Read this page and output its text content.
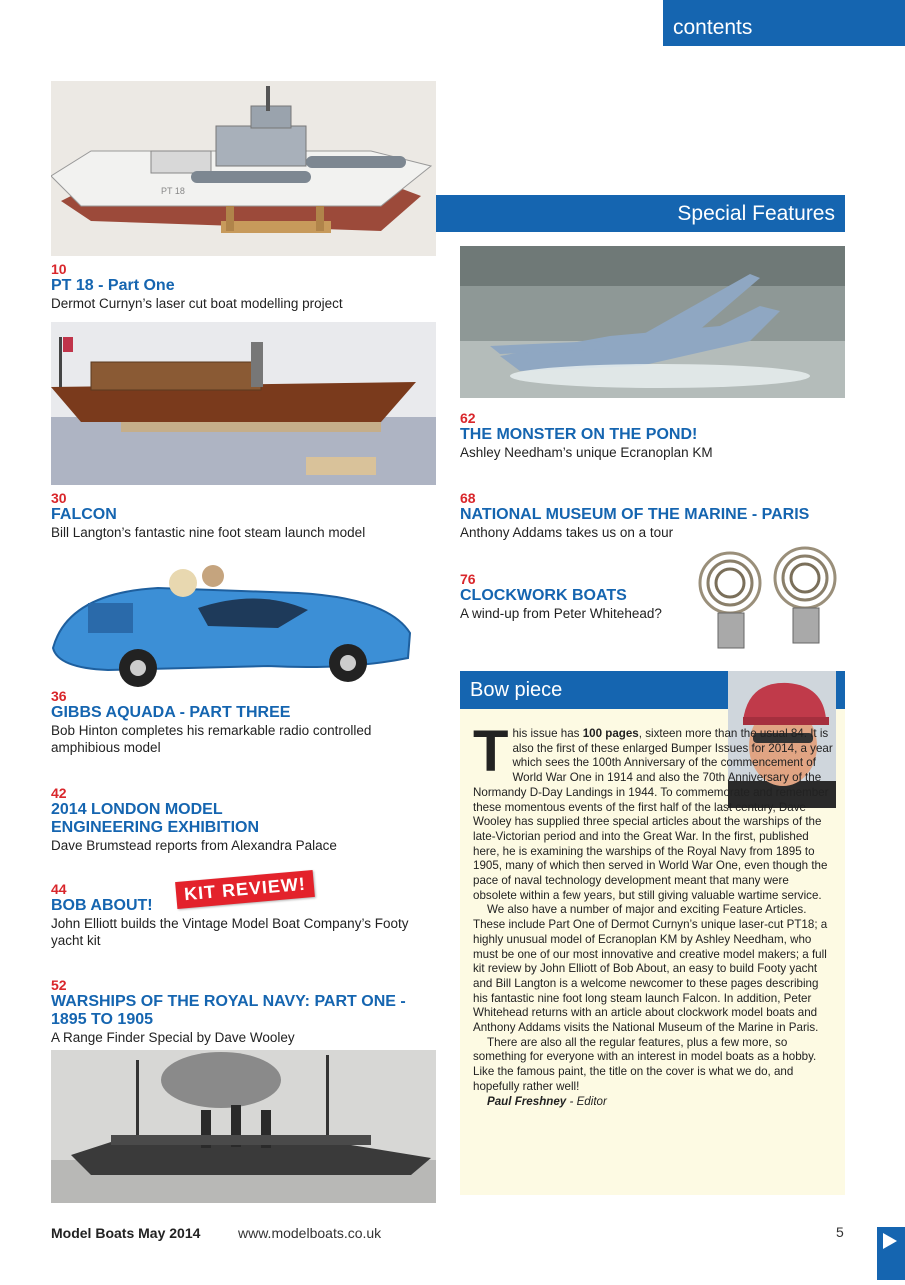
contents
PT 18
Special Features
10
PT 18 - Part One
Dermot Curnyn’s laser cut boat modelling project
30
FALCON
Bill Langton’s fantastic nine foot steam launch model
36
GIBBS AQUADA - PART THREE
Bob Hinton completes his remarkable radio controlled amphibious model
42
2014 LONDON MODEL ENGINEERING EXHIBITION
Dave Brumstead reports from Alexandra Palace
44
BOB ABOUT!
John Elliott builds the Vintage Model Boat Company’s Footy yacht kit
KIT REVIEW!
52
WARSHIPS OF THE ROYAL NAVY: PART ONE - 1895 TO 1905
A Range Finder Special by Dave Wooley
62
THE MONSTER ON THE POND!
Ashley Needham’s unique Ecranoplan KM
68
NATIONAL MUSEUM OF THE MARINE - PARIS
Anthony Addams takes us on a tour
76
CLOCKWORK BOATS
A wind-up from Peter Whitehead?
Bow piece

This issue has 100 pages, sixteen more than the usual 84. It is also the first of these enlarged Bumper Issues for 2014, a year which sees the 100th Anniversary of the commencement of World War One in 1914 and also the 70th Anniversary of the Normandy D-Day Landings in 1944. To commemorate and remember these momentous events of the first half of the last century, Dave Wooley has supplied three special articles about the warships of the late-Victorian period and into the Great War. In the first, published here, he is examining the warships of the Royal Navy from 1895 to 1905, many of which then served in World War One, even though the pace of naval technology development meant that many were obsolete within a few years, but still giving valuable wartime service.

We also have a number of major and exciting Feature Articles. These include Part One of Dermot Curnyn’s unique laser-cut PT18; a highly unusual model of Ecranoplan KM by Ashley Needham, who must be one of our most innovative and creative model makers; a full kit review by John Elliott of Bob About, an easy to build Footy yacht and Bill Langton is a welcome newcomer to these pages describing his fantastic nine foot long steam launch Falcon. In addition, Peter Whitehead returns with an article about clockwork model boats and Anthony Addams visits the National Museum of the Marine in Paris.

There are also all the regular features, plus a few more, so something for everyone with an interest in model boats as a hobby. Like the famous paint, the title on the cover is what we do, and hopefully rather well!

Paul Freshney - Editor

Model Boats May 2014	www.modelboats.co.uk	5
